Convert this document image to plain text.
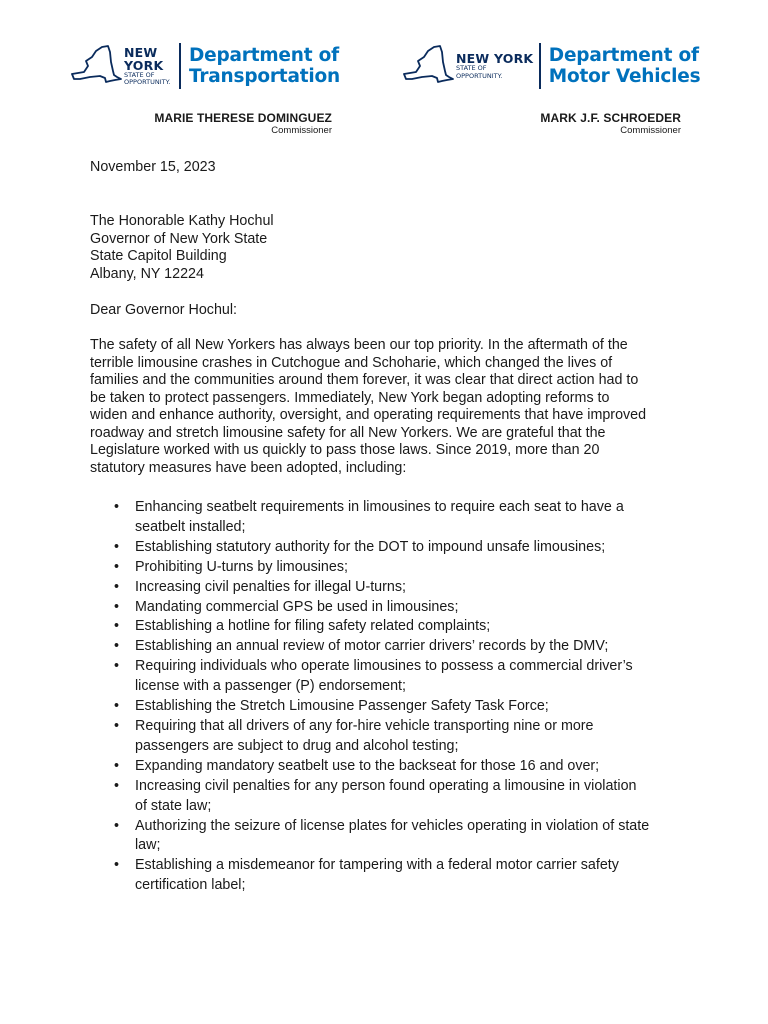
NEW YORK
STATE OF
OPPORTUNITY.
Department of
Transportation
NEW YORK
STATE OF
OPPORTUNITY.
Department of
Motor Vehicles
MARIE THERESE DOMINGUEZ
Commissioner
MARK J.F. SCHROEDER
Commissioner
November 15, 2023
The Honorable Kathy Hochul
Governor of New York State
State Capitol Building
Albany, NY 12224
Dear Governor Hochul:
The safety of all New Yorkers has always been our top priority. In the aftermath of the
terrible limousine crashes in Cutchogue and Schoharie, which changed the lives of
families and the communities around them forever, it was clear that direct action had to
be taken to protect passengers. Immediately, New York began adopting reforms to
widen and enhance authority, oversight, and operating requirements that have improved
roadway and stretch limousine safety for all New Yorkers. We are grateful that the
Legislature worked with us quickly to pass those laws. Since 2019, more than 20
statutory measures have been adopted, including:
• Enhancing seatbelt requirements in limousines to require each seat to have a
seatbelt installed;
• Establishing statutory authority for the DOT to impound unsafe limousines;
• Prohibiting U-turns by limousines;
• Increasing civil penalties for illegal U-turns;
• Mandating commercial GPS be used in limousines;
• Establishing a hotline for filing safety related complaints;
• Establishing an annual review of motor carrier drivers’ records by the DMV;
• Requiring individuals who operate limousines to possess a commercial driver’s
license with a passenger (P) endorsement;
• Establishing the Stretch Limousine Passenger Safety Task Force;
• Requiring that all drivers of any for-hire vehicle transporting nine or more
passengers are subject to drug and alcohol testing;
• Expanding mandatory seatbelt use to the backseat for those 16 and over;
• Increasing civil penalties for any person found operating a limousine in violation
of state law;
• Authorizing the seizure of license plates for vehicles operating in violation of state
law;
• Establishing a misdemeanor for tampering with a federal motor carrier safety
certification label;
